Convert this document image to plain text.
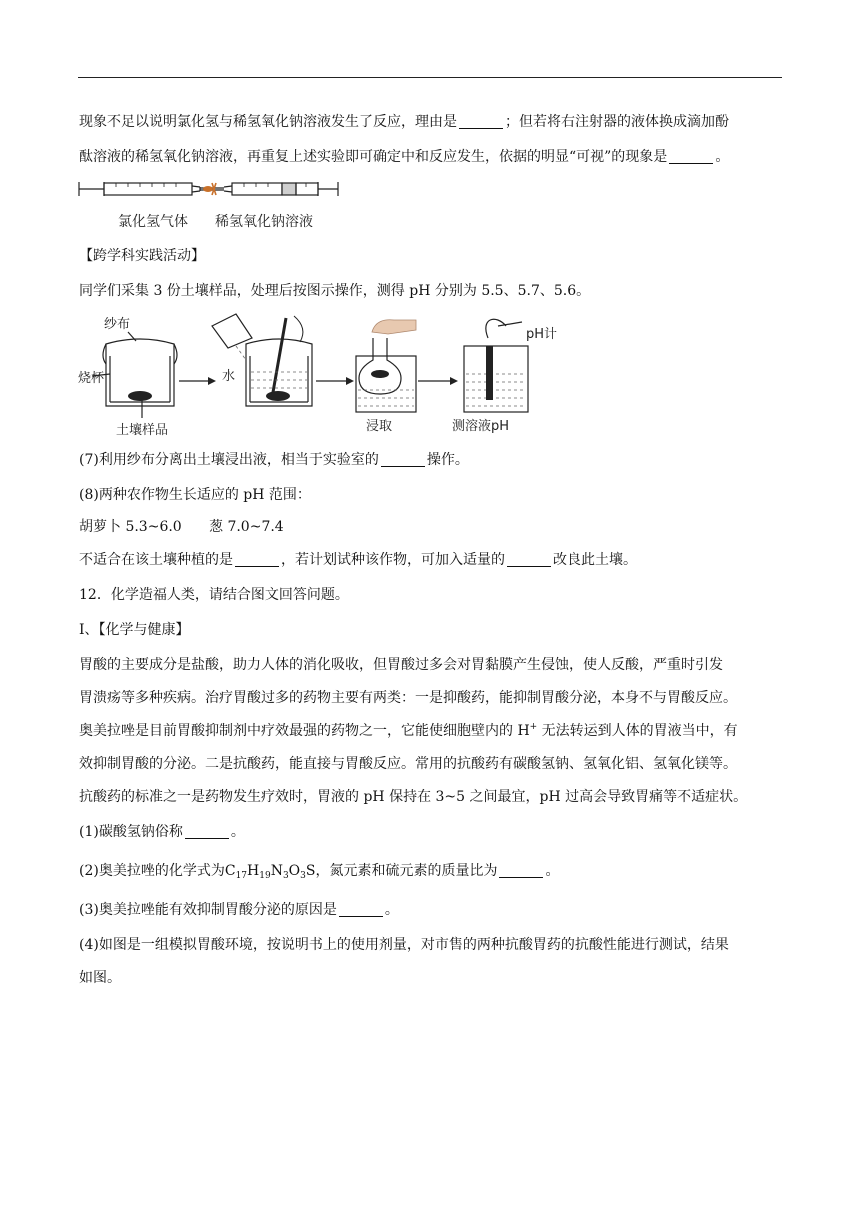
现象不足以说明氯化氢与稀氢氧化钠溶液发生了反应，理由是	；但若将右注射器的液体换成滴加酚
酞溶液的稀氢氧化钠溶液，再重复上述实验即可确定中和反应发生，依据的明显“可视”的现象是	。
氯化氢气体 稀氢氧化钠溶液
【跨学科实践活动】
同学们采集 3 份土壤样品，处理后按图示操作，测得 pH 分别为 5.5、5.7、5.6。
纱布
烧杯
土壤样品
水
浸取
pH计
测溶液pH
(7)利用纱布分离出土壤浸出液，相当于实验室的	操作。
(8)两种农作物生长适应的 pH 范围：
胡萝卜 5.3~6.0 葱 7.0~7.4
不适合在该土壤种植的是	，若计划试种该作物，可加入适量的	改良此土壤。
12．化学造福人类，请结合图文回答问题。
Ⅰ、【化学与健康】
胃酸的主要成分是盐酸，助力人体的消化吸收，但胃酸过多会对胃黏膜产生侵蚀，使人反酸，严重时引发
胃溃疡等多种疾病。治疗胃酸过多的药物主要有两类：一是抑酸药，能抑制胃酸分泌，本身不与胃酸反应。
奥美拉唑是目前胃酸抑制剂中疗效最强的药物之一，它能使细胞壁内的 H+ 无法转运到人体的胃液当中，有
效抑制胃酸的分泌。二是抗酸药，能直接与胃酸反应。常用的抗酸药有碳酸氢钠、氢氧化铝、氢氧化镁等。
抗酸药的标准之一是药物发生疗效时，胃液的 pH 保持在 3~5 之间最宜，pH 过高会导致胃痛等不适症状。
(1)碳酸氢钠俗称	。
(2)奥美拉唑的化学式为$C_{17}H_{19}N_3O_3S$，氮元素和硫元素的质量比为	。
(3)奥美拉唑能有效抑制胃酸分泌的原因是	。
(4)如图是一组模拟胃酸环境，按说明书上的使用剂量，对市售的两种抗酸胃药的抗酸性能进行测试，结果
如图。
